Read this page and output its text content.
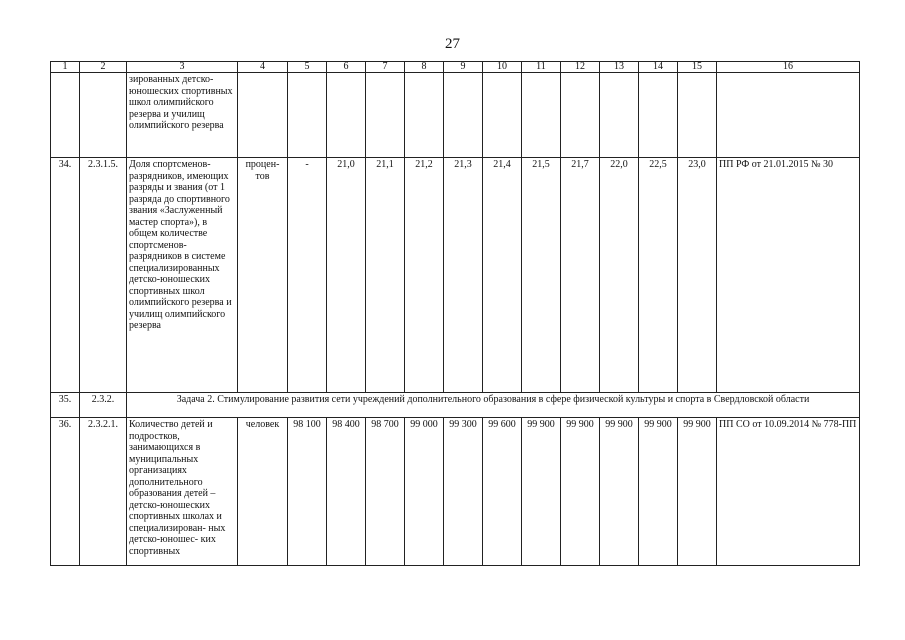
27
1	2	3	4	5	6	7	8	9	10	11	12	13	14	15	16
		зированных детско- юношеских спортивных школ олимпийского резерва и училищ олимпийского резерва													
34.	2.3.1.5.	Доля спортсменов- разрядников, имеющих разряды и звания (от 1 разряда до спортивного звания «Заслуженный мастер спорта»), в общем количестве спортсменов- разрядников в системе специализированных детско-юношеских спортивных школ олимпийского резерва и училищ олимпийского резерва	процен- тов	-	21,0	21,1	21,2	21,3	21,4	21,5	21,7	22,0	22,5	23,0	ПП РФ от 21.01.2015 № 30
35.	2.3.2.	Задача 2. Стимулирование развития сети учреждений дополнительного образования в сфере физической культуры и спорта в Свердловской области													
36.	2.3.2.1.	Количество детей и подростков, занимающихся в муниципальных организациях дополнительного образования детей – детско-юношеских спортивных школах и специализирован- ных детско-юношес- ких спортивных	человек	98 100	98 400	98 700	99 000	99 300	99 600	99 900	99 900	99 900	99 900	99 900	ПП СО от 10.09.2014 № 778-ПП
